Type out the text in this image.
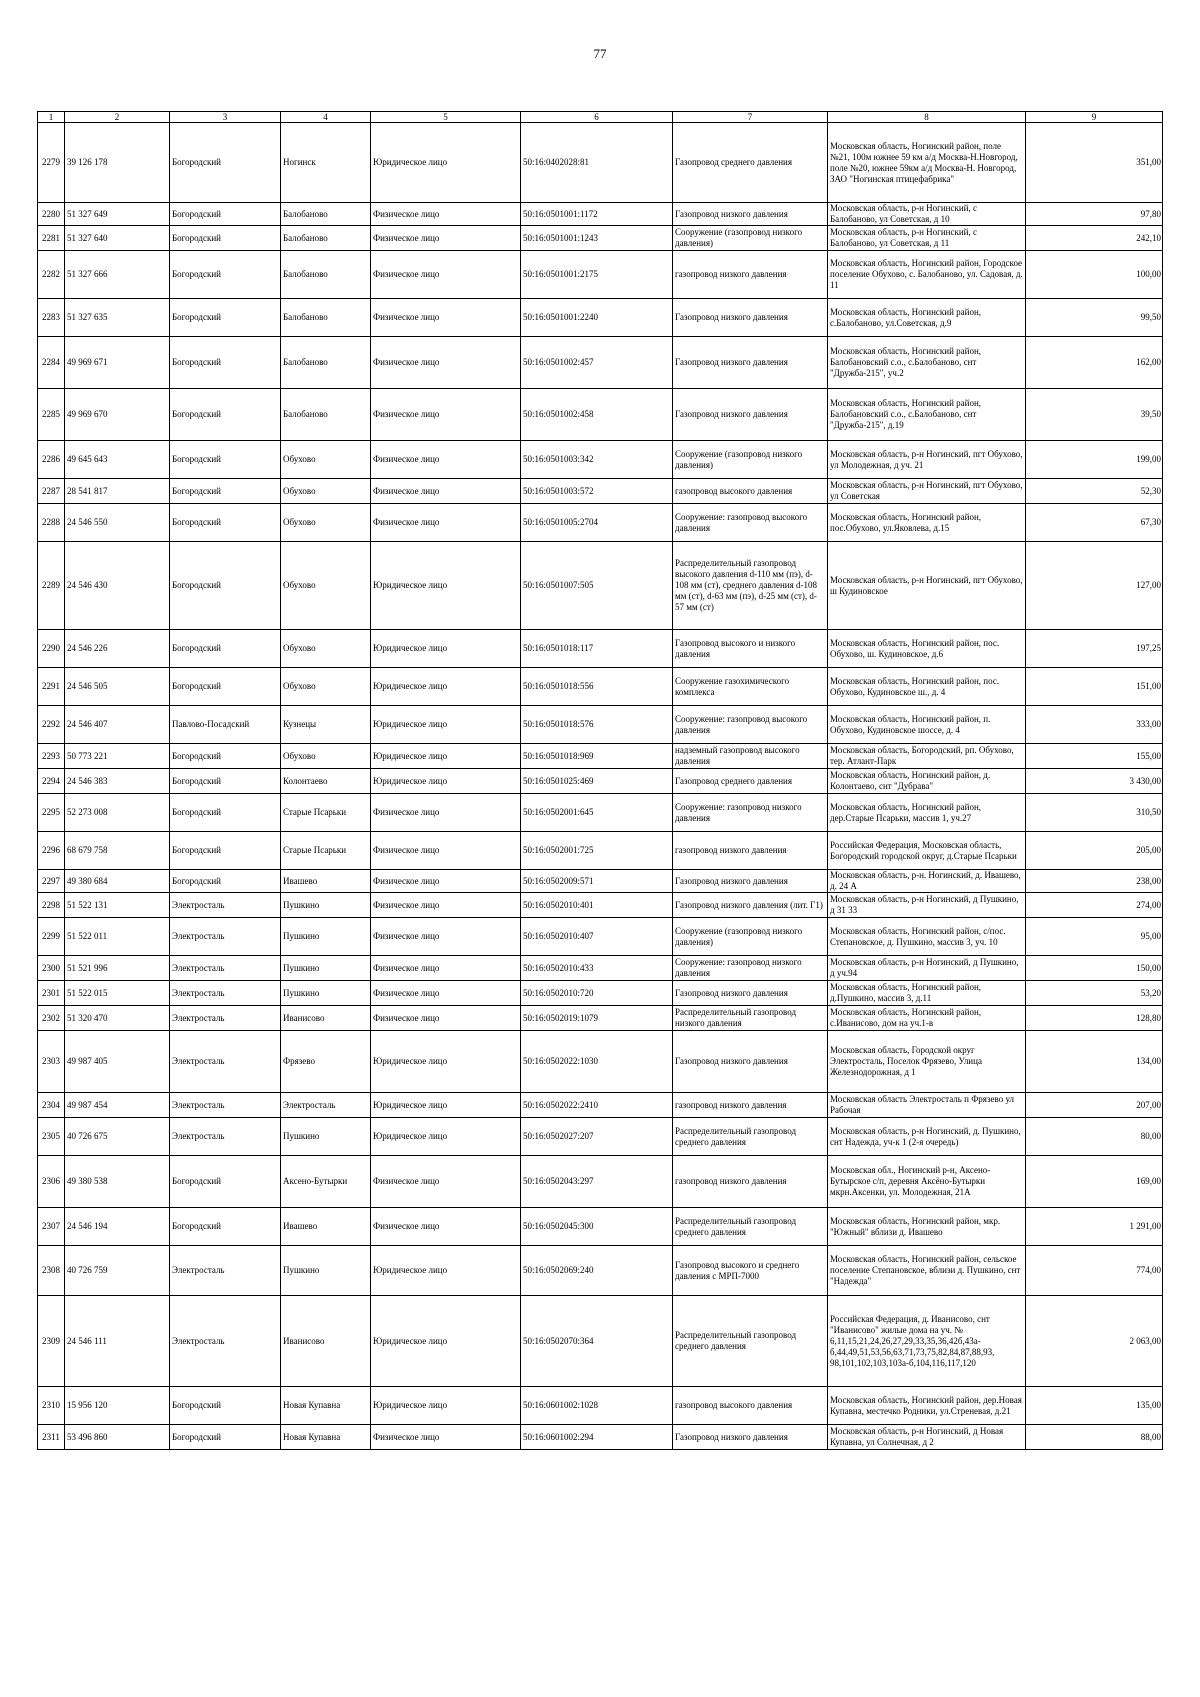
77
1	2	3	4	5	6	7	8	9
2279	39 126 178	Богородский	Ногинск	Юридическое лицо	50:16:0402028:81	Газопровод среднего давления	Московская область, Ногинский район, поле №21, 100м южнее 59 км а/д Москва-Н.Новгород, поле №20, южнее 59км а/д Москва-Н. Новгород, ЗАО "Ногинская птицефабрика"	351,00
2280	51 327 649	Богородский	Балобаново	Физическое лицо	50:16:0501001:1172	Газопровод низкого давления	Московская область, р-н Ногинский, с Балобаново, ул Советская, д 10	97,80
2281	51 327 640	Богородский	Балобаново	Физическое лицо	50:16:0501001:1243	Сооружение (газопровод низкого давления)	Московская область, р-н Ногинский, с Балобаново, ул Советская, д 11	242,10
2282	51 327 666	Богородский	Балобаново	Физическое лицо	50:16:0501001:2175	газопровод низкого давления	Московская область, Ногинский район, Городское поселение Обухово, с. Балобаново, ул. Садовая, д. 11	100,00
2283	51 327 635	Богородский	Балобаново	Физическое лицо	50:16:0501001:2240	Газопровод низкого давления	Московская область, Ногинский район, с.Балобаново, ул.Советская, д.9	99,50
2284	49 969 671	Богородский	Балобаново	Физическое лицо	50:16:0501002:457	Газопровод низкого давления	Московская область, Ногинский район, Балобановский с.о., с.Балобаново, снт "Дружба-215", уч.2	162,00
2285	49 969 670	Богородский	Балобаново	Физическое лицо	50:16:0501002:458	Газопровод низкого давления	Московская область, Ногинский район, Балобановский с.о., с.Балобаново, снт "Дружба-215", д.19	39,50
2286	49 645 643	Богородский	Обухово	Физическое лицо	50:16:0501003:342	Сооружение (газопровод низкого давления)	Московская область, р-н Ногинский, пгт Обухово, ул Молодежная, д уч. 21	199,00
2287	28 541 817	Богородский	Обухово	Физическое лицо	50:16:0501003:572	газопровод высокого давления	Московская область, р-н Ногинский, пгт Обухово, ул Советская	52,30
2288	24 546 550	Богородский	Обухово	Физическое лицо	50:16:0501005:2704	Сооружение: газопровод высокого давления	Московская область, Ногинский район, пос.Обухово, ул.Яковлева, д.15	67,30
2289	24 546 430	Богородский	Обухово	Юридическое лицо	50:16:0501007:505	Распределительный газопровод высокого давления d-110 мм (пэ), d-108 мм (ст), среднего давления d-108 мм (ст), d-63 мм (пэ), d-25 мм (ст), d-57 мм (ст)	Московская область, р-н Ногинский, пгт Обухово, ш Кудиновское	127,00
2290	24 546 226	Богородский	Обухово	Юридическое лицо	50:16:0501018:117	Газопровод высокого и низкого давления	Московская область, Ногинский район, пос. Обухово, ш. Кудиновское, д.6	197,25
2291	24 546 505	Богородский	Обухово	Юридическое лицо	50:16:0501018:556	Сооружение газохимического комплекса	Московская область, Ногинский район, пос. Обухово, Кудиновское ш., д. 4	151,00
2292	24 546 407	Павлово-Посадский	Кузнецы	Юридическое лицо	50:16:0501018:576	Сооружение: газопровод высокого давления	Московская область, Ногинский район, п. Обухово, Кудиновское шоссе, д. 4	333,00
2293	50 773 221	Богородский	Обухово	Юридическое лицо	50:16:0501018:969	надземный газопровод высокого давления	Московская область, Богородский, рп. Обухово, тер. Атлант-Парк	155,00
2294	24 546 383	Богородский	Колонтаево	Юридическое лицо	50:16:0501025:469	Газопровод среднего давления	Московская область, Ногинский район, д. Колонтаево, снт "Дубрава"	3 430,00
2295	52 273 008	Богородский	Старые Псарьки	Физическое лицо	50:16:0502001:645	Сооружение: газопровод низкого давления	Московская область, Ногинский район, дер.Старые Псарьки, массив 1, уч.27	310,50
2296	68 679 758	Богородский	Старые Псарьки	Физическое лицо	50:16:0502001:725	газопровод низкого давления	Российская Федерация, Московская область, Богородский городской округ, д.Старые Псарьки	205,00
2297	49 380 684	Богородский	Ивашево	Физическое лицо	50:16:0502009:571	Газопровод низкого давления	Московская область, р-н. Ногинский, д. Ивашево, д. 24 А	238,00
2298	51 522 131	Электросталь	Пушкино	Физическое лицо	50:16:0502010:401	Газопровод низкого давления (лит. Г1)	Московская область, р-н Ногинский, д Пушкино, д 31 33	274,00
2299	51 522 011	Электросталь	Пушкино	Физическое лицо	50:16:0502010:407	Сооружение (газопровод низкого давления)	Московская область, Ногинский район, с/пос. Степановское, д. Пушкино, массив 3, уч. 10	95,00
2300	51 521 996	Электросталь	Пушкино	Физическое лицо	50:16:0502010:433	Сооружение: газопровод низкого давления	Московская область, р-н Ногинский, д Пушкино, д уч.94	150,00
2301	51 522 015	Электросталь	Пушкино	Физическое лицо	50:16:0502010:720	Газопровод низкого давления	Московская область, Ногинский район, д.Пушкино, массив 3, д.11	53,20
2302	51 320 470	Электросталь	Иванисово	Физическое лицо	50:16:0502019:1079	Распределительный газопровод низкого давления	Московская область, Ногинский район, с.Иванисово, дом на уч.1-в	128,80
2303	49 987 405	Электросталь	Фрязево	Юридическое лицо	50:16:0502022:1030	Газопровод низкого давления	Московская область, Городской округ Электросталь, Поселок Фрязево, Улица Железнодорожная, д 1	134,00
2304	49 987 454	Электросталь	Электросталь	Юридическое лицо	50:16:0502022:2410	газопровод низкого давления	Московская область Электросталь п Фрязево ул Рабочая	207,00
2305	40 726 675	Электросталь	Пушкино	Юридическое лицо	50:16:0502027:207	Распределительный газопровод среднего давления	Московская область, р-н Ногинский, д. Пушкино, снт Надежда, уч-к 1 (2-я очередь)	80,00
2306	49 380 538	Богородский	Аксено-Бутырки	Физическое лицо	50:16:0502043:297	газопровод низкого давления	Московская обл., Ногинский р-н, Аксено-Бутырское с/п, деревня Аксёно-Бутырки мкрн.Аксенки, ул. Молодежная, 21А	169,00
2307	24 546 194	Богородский	Ивашево	Физическое лицо	50:16:0502045:300	Распределительный газопровод среднего давления	Московская область, Ногинский район, мкр. "Южный" вблизи д. Ивашево	1 291,00
2308	40 726 759	Электросталь	Пушкино	Юридическое лицо	50:16:0502069:240	Газопровод высокого и среднего давления с МРП-7000	Московская область, Ногинский район, сельское поселение Степановское, вблизи д. Пушкино, снт "Надежда"	774,00
2309	24 546 111	Электросталь	Иванисово	Юридическое лицо	50:16:0502070:364	Распределительный газопровод среднего давления	Российская Федерация, д. Иванисово, снт "Иванисово" жилые дома на уч. № 6,11,15,21,24,26,27,29,33,35,36,42б,43а-б,44,49,51,53,56,63,71,73,75,82,84,87,88,93, 98,101,102,103,103а-б,104,116,117,120	2 063,00
2310	15 956 120	Богородский	Новая Купавна	Юридическое лицо	50:16:0601002:1028	газопровод высокого давления	Московская область, Ногинский район, дер.Новая Купавна, местечко Родники, ул.Стреневая, д.21	135,00
2311	53 496 860	Богородский	Новая Купавна	Физическое лицо	50:16:0601002:294	Газопровод низкого давления	Московская область, р-н Ногинский, д Новая Купавна, ул Солнечная, д 2	88,00
